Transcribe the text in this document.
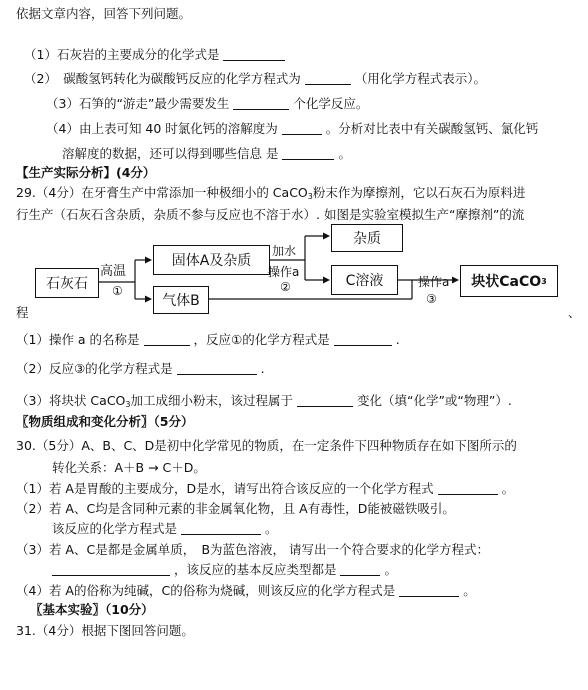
依据文章内容，回答下列问题。
（1）石灰岩的主要成分的化学式是
（2）　碳酸氢钙转化为碳酸钙反应的化学方程式为	（用化学方程式表示）。
（3）石笋的“游走”最少需要发生	个化学反应。
（4）由上表可知 40 时氯化钙的溶解度为	。分析对比表中有关碳酸氢钙、氯化钙
溶解度的数据，还可以得到哪些信息 是	。
【生产实际分析】(4分）
29.（4分）在牙膏生产中常添加一种极细小的 CaCO$_3$粉末作为摩擦剂，它以石灰石为原料进
行生产（石灰石含杂质，杂质不参与反应也不溶于水）. 如图是实验室模拟生产“摩擦剂”的流
石灰石
高温
①
固体A及杂质
气体B
加水
操作a
②
杂质
C溶液	操作a
③
块状CaCO 3
程	、
（1）操作 a 的名称是	，反应①的化学方程式是	.
（2）反应③的化学方程式是	.
（3）将块状 CaCO$_3$加工成细小粉末，该过程属于	变化（填“化学”或“物理”）.
〖物质组成和变化分析〗（5分）
30.（5分）A、B、C、D是初中化学常见的物质，在一定条件下四种物质存在如下图所示的
转化关系：A＋B → C＋D。
（1）若 A是胃酸的主要成分，D是水，请写出符合该反应的一个化学方程式	。
（2）若 A、C均是含同种元素的非金属氧化物，且 A有毒性，D能被磁铁吸引。
该反应的化学方程式是	。
（3）若 A、C是都是金属单质，　B为蓝色溶液， 请写出一个符合要求的化学方程式：
，该反应的基本反应类型都是	。
（4）若 A的俗称为纯碱，C的俗称为烧碱，则该反应的化学方程式是	。
〖基本实验〗（10分）
31.（4分）根据下图回答问题。
